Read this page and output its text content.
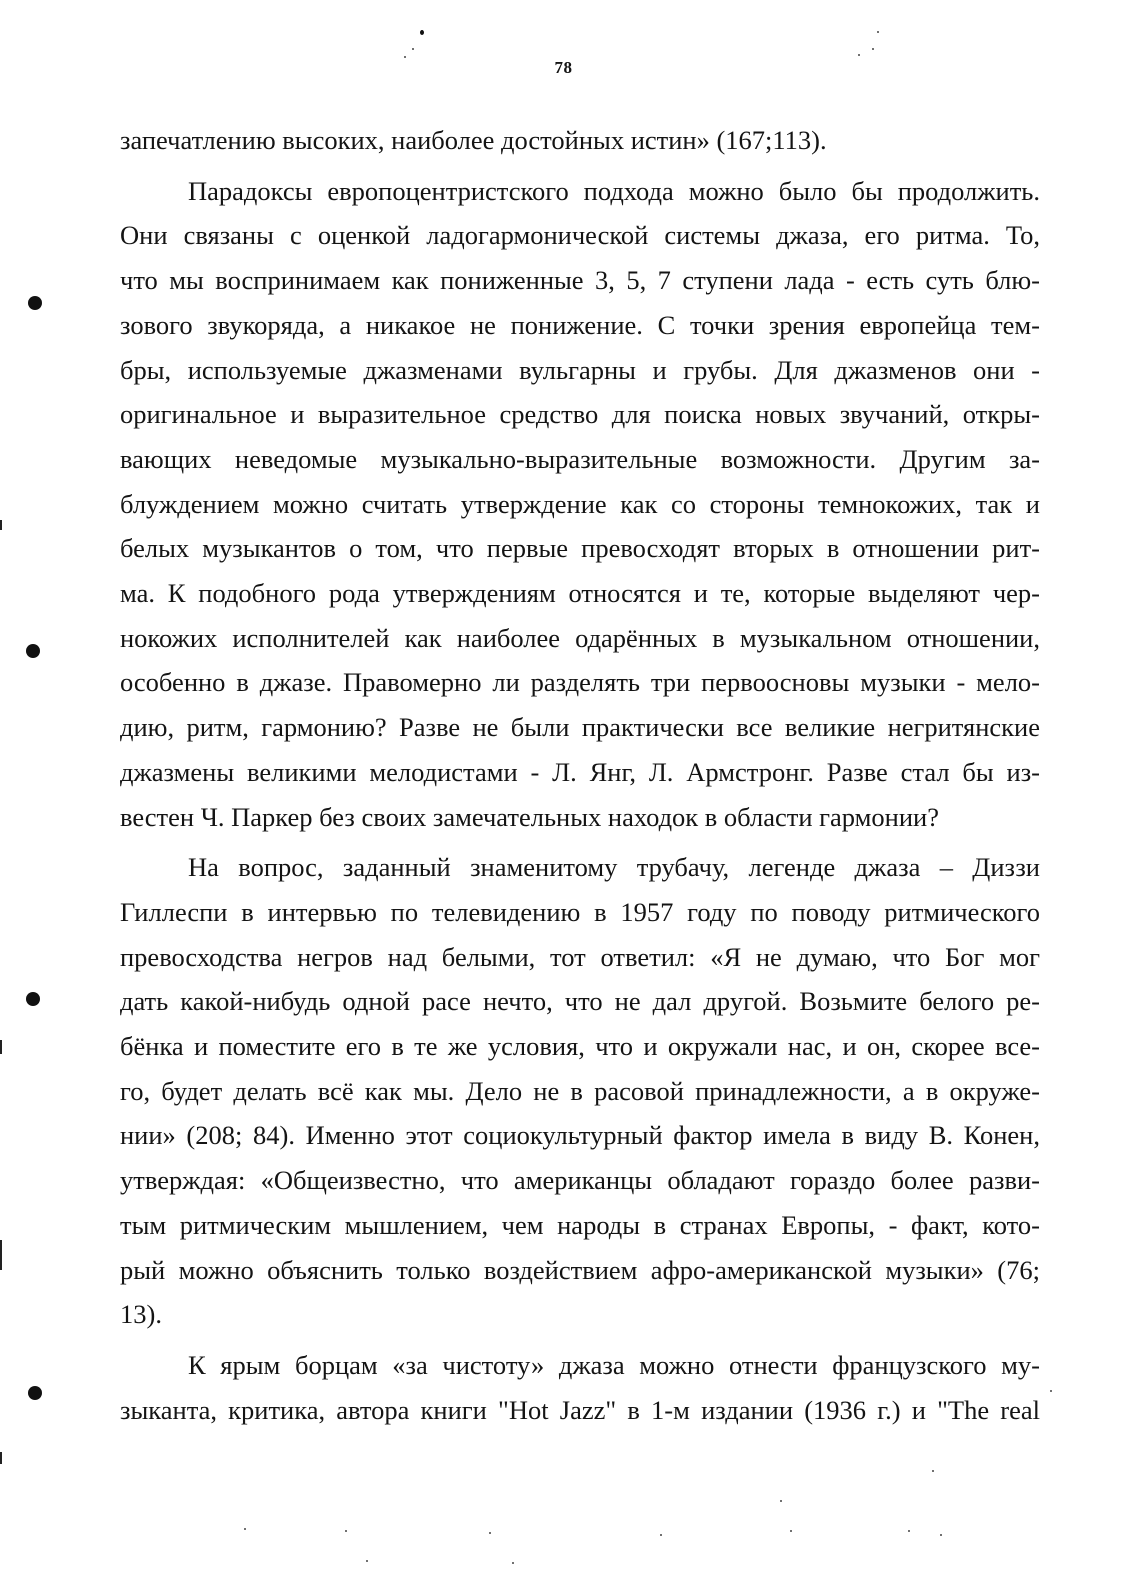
78
запечатлению высоких, наиболее достойных истин» (167;113).
Парадоксы европоцентристского подхода можно было бы продолжить.
Они связаны с оценкой ладогармонической системы джаза, его ритма. То,
что мы воспринимаем как пониженные 3, 5, 7 ступени лада - есть суть блю-
зового звукоряда, а никакое не понижение. С точки зрения европейца тем-
бры, используемые джазменами вульгарны и грубы. Для джазменов они -
оригинальное и выразительное средство для поиска новых звучаний, откры-
вающих неведомые музыкально-выразительные возможности. Другим за-
блуждением можно считать утверждение как со стороны темнокожих, так и
белых музыкантов о том, что первые превосходят вторых в отношении рит-
ма. К подобного рода утверждениям относятся и те, которые выделяют чер-
нокожих исполнителей как наиболее одарённых в музыкальном отношении,
особенно в джазе. Правомерно ли разделять три первоосновы музыки - мело-
дию, ритм, гармонию? Разве не были практически все великие негритянские
джазмены великими мелодистами - Л. Янг, Л. Армстронг. Разве стал бы из-
вестен Ч. Паркер без своих замечательных находок в области гармонии?
На вопрос, заданный знаменитому трубачу, легенде джаза – Диззи
Гиллеспи в интервью по телевидению в 1957 году по поводу ритмического
превосходства негров над белыми, тот ответил: «Я не думаю, что Бог мог
дать какой-нибудь одной расе нечто, что не дал другой. Возьмите белого ре-
бёнка и поместите его в те же условия, что и окружали нас, и он, скорее все-
го, будет делать всё как мы. Дело не в расовой принадлежности, а в окруже-
нии» (208; 84). Именно этот социокультурный фактор имела в виду В. Конен,
утверждая: «Общеизвестно, что американцы обладают гораздо более разви-
тым ритмическим мышлением, чем народы в странах Европы, - факт, кото-
рый можно объяснить только воздействием афро-американской музыки» (76;
13).
К ярым борцам «за чистоту» джаза можно отнести французского му-
зыканта, критика, автора книги "Hot Jazz" в 1-м издании (1936 г.) и "The real
